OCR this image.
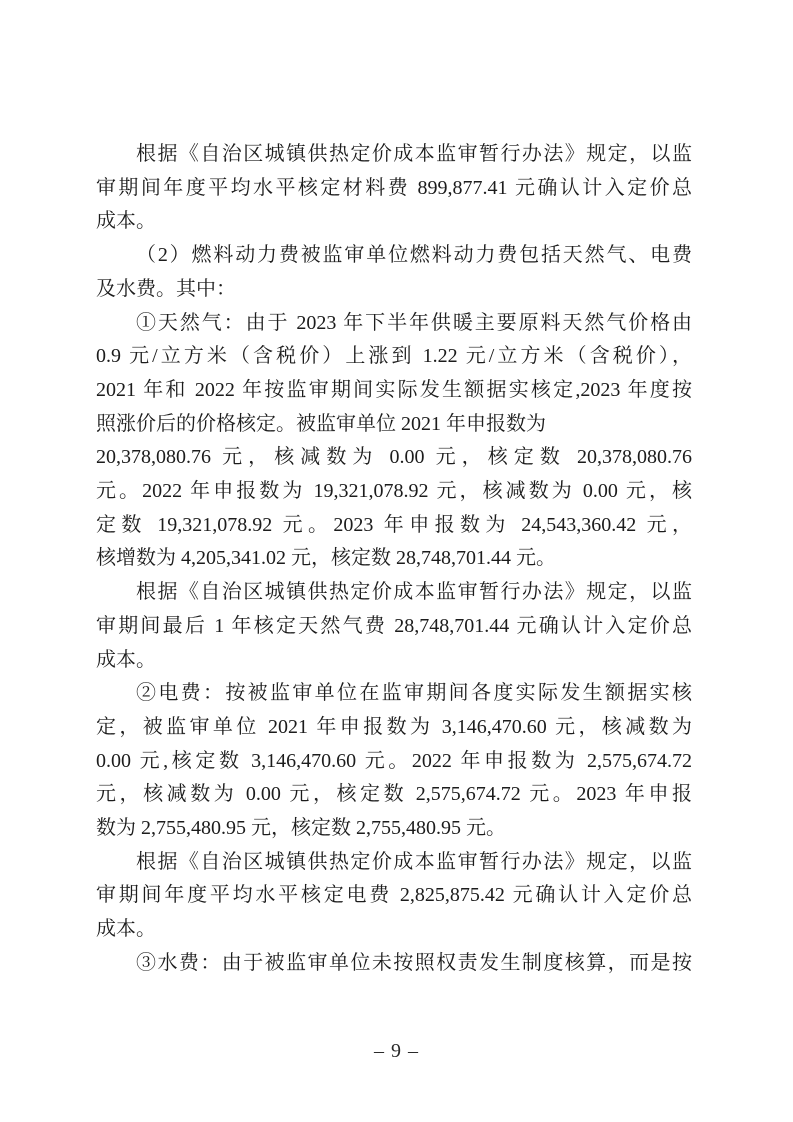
根据《自治区城镇供热定价成本监审暂行办法》规定，以监
审期间年度平均水平核定材料费 899,877.41 元确认计入定价总
成本。
（2）燃料动力费被监审单位燃料动力费包括天然气、电费
及水费。其中：
①天然气：由于 2023 年下半年供暖主要原料天然气价格由
0.9 元/立方米（含税价）上涨到 1.22 元/立方米（含税价），
2021 年和 2022 年按监审期间实际发生额据实核定,2023 年度按
照涨价后的价格核定。被监审单位 2021 年申报数为
20,378,080.76 元，核减数为 0.00 元，核定数 20,378,080.76
元。2022 年申报数为 19,321,078.92 元，核减数为 0.00 元，核
定数 19,321,078.92 元。2023 年申报数为 24,543,360.42 元，
核增数为 4,205,341.02 元，核定数 28,748,701.44 元。
根据《自治区城镇供热定价成本监审暂行办法》规定，以监
审期间最后 1 年核定天然气费 28,748,701.44 元确认计入定价总
成本。
②电费：按被监审单位在监审期间各度实际发生额据实核
定，被监审单位 2021 年申报数为 3,146,470.60 元，核减数为
0.00 元,核定数 3,146,470.60 元。2022 年申报数为 2,575,674.72
元，核减数为 0.00 元，核定数 2,575,674.72 元。2023 年申报
数为 2,755,480.95 元，核定数 2,755,480.95 元。
根据《自治区城镇供热定价成本监审暂行办法》规定，以监
审期间年度平均水平核定电费 2,825,875.42 元确认计入定价总
成本。
③水费：由于被监审单位未按照权责发生制度核算，而是按
– 9 –
